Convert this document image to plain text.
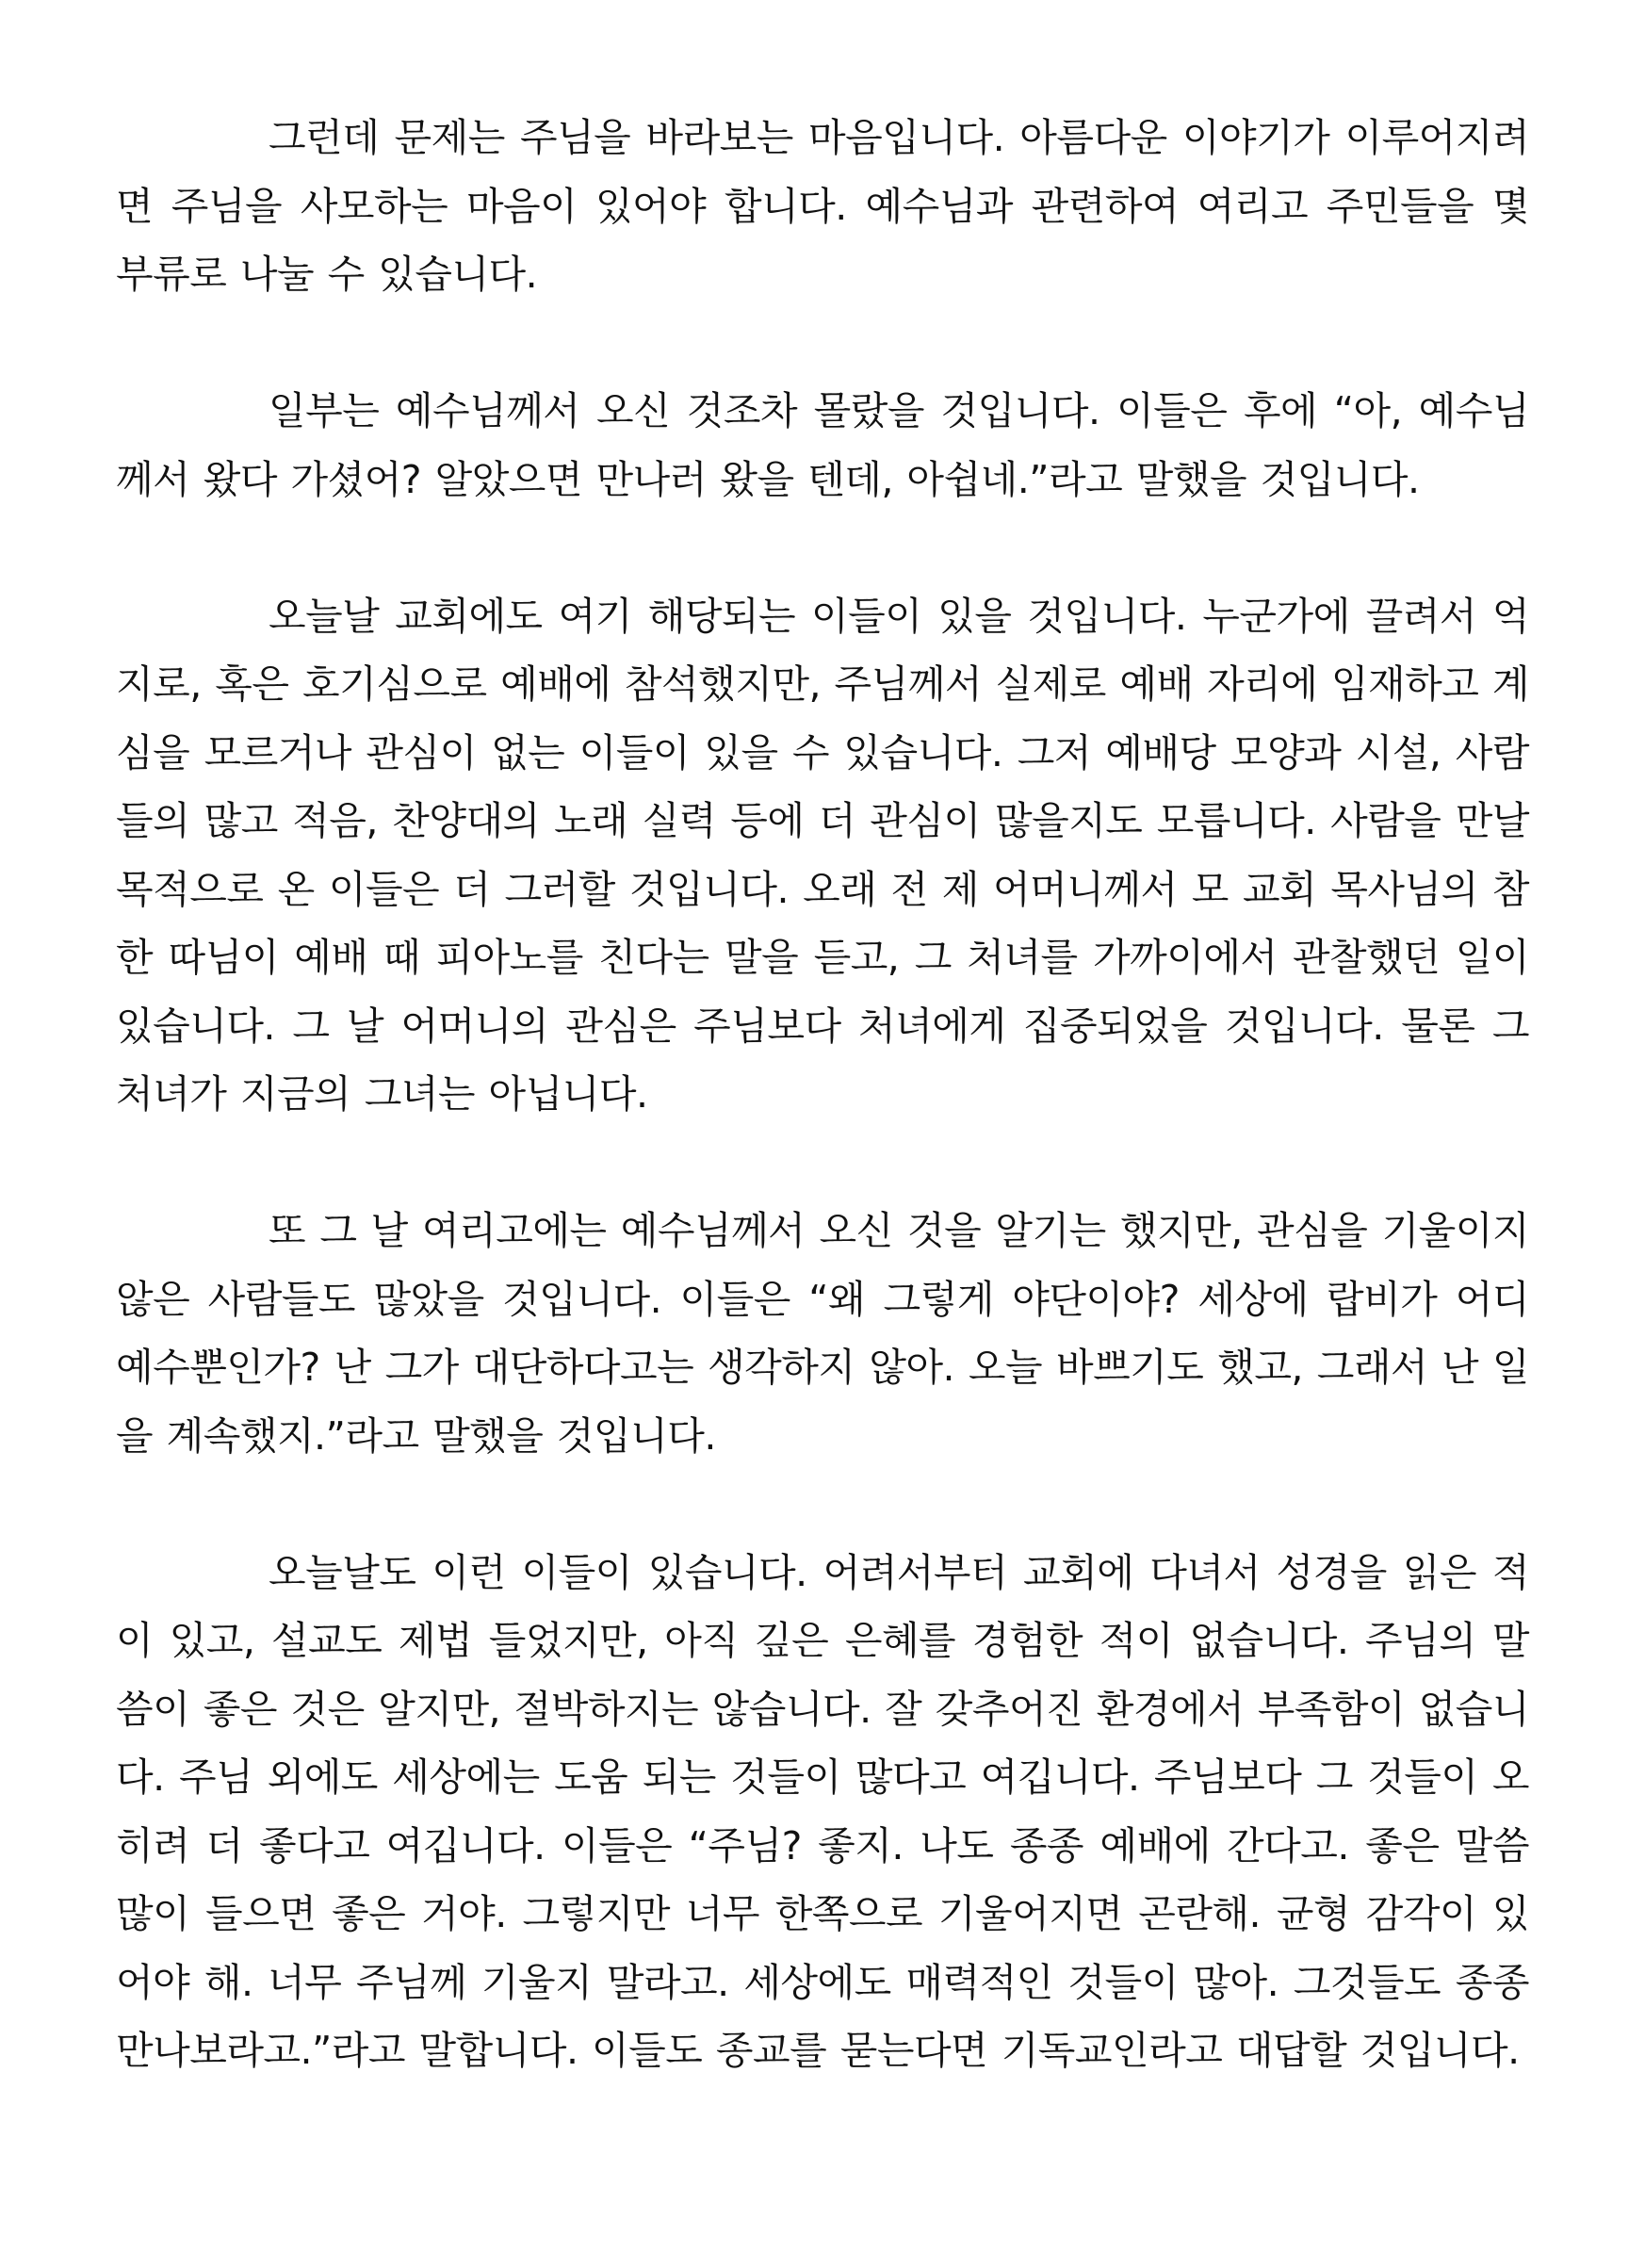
그런데 문제는 주님을 바라보는 마음입니다. 아름다운 이야기가 이루어지려면 주님을 사모하는 마음이 있어야 합니다. 예수님과 관련하여 여리고 주민들을 몇 부류로 나눌 수 있습니다.

일부는 예수님께서 오신 것조차 몰랐을 것입니다. 이들은 후에 “아, 예수님께서 왔다 가셨어? 알았으면 만나러 왔을 텐데, 아쉽네.”라고 말했을 것입니다.

오늘날 교회에도 여기 해당되는 이들이 있을 것입니다. 누군가에 끌려서 억지로, 혹은 호기심으로 예배에 참석했지만, 주님께서 실제로 예배 자리에 임재하고 계심을 모르거나 관심이 없는 이들이 있을 수 있습니다. 그저 예배당 모양과 시설, 사람들의 많고 적음, 찬양대의 노래 실력 등에 더 관심이 많을지도 모릅니다. 사람을 만날 목적으로 온 이들은 더 그러할 것입니다. 오래 전 제 어머니께서 모 교회 목사님의 참한 따님이 예배 때 피아노를 친다는 말을 듣고, 그 처녀를 가까이에서 관찰했던 일이 있습니다. 그 날 어머니의 관심은 주님보다 처녀에게 집중되었을 것입니다. 물론 그 처녀가 지금의 그녀는 아닙니다.

또 그 날 여리고에는 예수님께서 오신 것을 알기는 했지만, 관심을 기울이지 않은 사람들도 많았을 것입니다. 이들은 “왜 그렇게 야단이야? 세상에 랍비가 어디 예수뿐인가? 난 그가 대단하다고는 생각하지 않아. 오늘 바쁘기도 했고, 그래서 난 일을 계속했지.”라고 말했을 것입니다.

오늘날도 이런 이들이 있습니다. 어려서부터 교회에 다녀서 성경을 읽은 적이 있고, 설교도 제법 들었지만, 아직 깊은 은혜를 경험한 적이 없습니다. 주님의 말씀이 좋은 것은 알지만, 절박하지는 않습니다. 잘 갖추어진 환경에서 부족함이 없습니다. 주님 외에도 세상에는 도움 되는 것들이 많다고 여깁니다. 주님보다 그 것들이 오히려 더 좋다고 여깁니다. 이들은 “주님? 좋지. 나도 종종 예배에 간다고. 좋은 말씀 많이 들으면 좋은 거야. 그렇지만 너무 한쪽으로 기울어지면 곤란해. 균형 감각이 있어야 해. 너무 주님께 기울지 말라고. 세상에도 매력적인 것들이 많아. 그것들도 종종 만나보라고.”라고 말합니다. 이들도 종교를 묻는다면 기독교인라고 대답할 것입니다.
